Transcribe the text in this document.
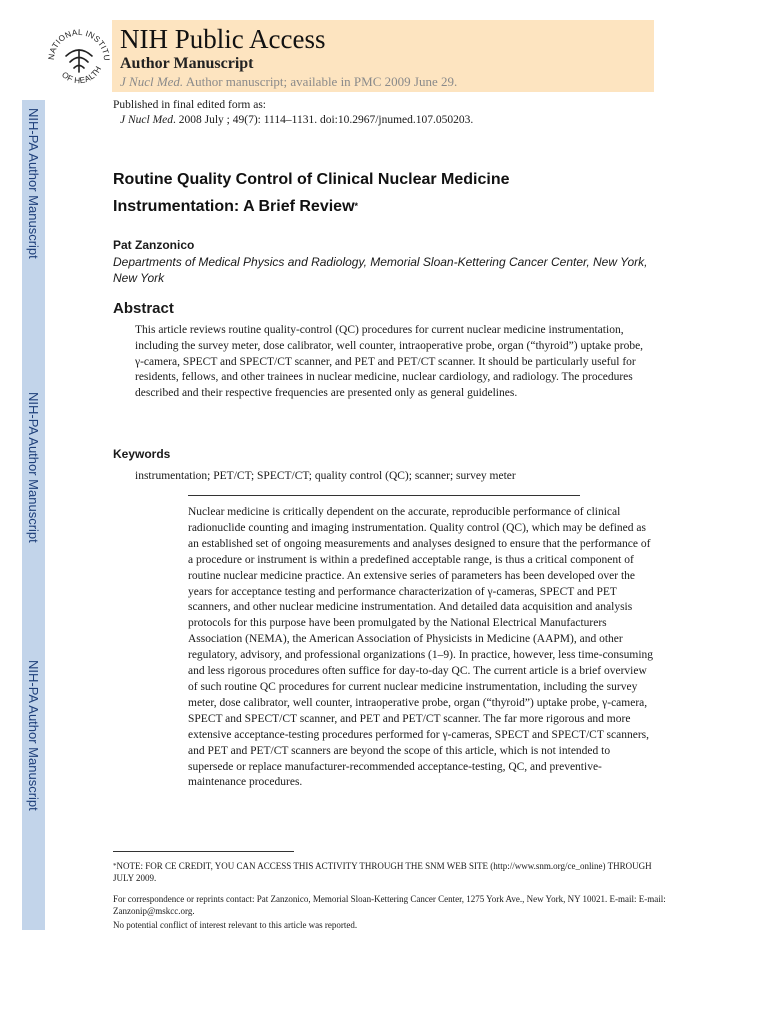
NIH-PA Author Manuscript
NIH-PA Author Manuscript
NIH-PA Author Manuscript
NATIONAL INSTITU
OF HEALTH
NIH Public Access
Author Manuscript
J Nucl Med. Author manuscript; available in PMC 2009 June 29.
Published in final edited form as:
J Nucl Med. 2008 July ; 49(7): 1114–1131. doi:10.2967/jnumed.107.050203.
Routine Quality Control of Clinical Nuclear Medicine
Instrumentation: A Brief Review*
Pat Zanzonico
Departments of Medical Physics and Radiology, Memorial Sloan-Kettering Cancer Center, New York, New York
Abstract
This article reviews routine quality-control (QC) procedures for current nuclear medicine instrumentation, including the survey meter, dose calibrator, well counter, intraoperative probe, organ (“thyroid”) uptake probe, γ-camera, SPECT and SPECT/CT scanner, and PET and PET/CT scanner. It should be particularly useful for residents, fellows, and other trainees in nuclear medicine, nuclear cardiology, and radiology. The procedures described and their respective frequencies are presented only as general guidelines.
Keywords
instrumentation; PET/CT; SPECT/CT; quality control (QC); scanner; survey meter
Nuclear medicine is critically dependent on the accurate, reproducible performance of clinical radionuclide counting and imaging instrumentation. Quality control (QC), which may be defined as an established set of ongoing measurements and analyses designed to ensure that the performance of a procedure or instrument is within a predefined acceptable range, is thus a critical component of routine nuclear medicine practice. An extensive series of parameters has been developed over the years for acceptance testing and performance characterization of γ-cameras, SPECT and PET scanners, and other nuclear medicine instrumentation. And detailed data acquisition and analysis protocols for this purpose have been promulgated by the National Electrical Manufacturers Association (NEMA), the American Association of Physicists in Medicine (AAPM), and other regulatory, advisory, and professional organizations (1–9). In practice, however, less time-consuming and less rigorous procedures often suffice for day-to-day QC. The current article is a brief overview of such routine QC procedures for current nuclear medicine instrumentation, including the survey meter, dose calibrator, well counter, intraoperative probe, organ (“thyroid”) uptake probe, γ-camera, SPECT and SPECT/CT scanner, and PET and PET/CT scanner. The far more rigorous and more extensive acceptance-testing procedures performed for γ-cameras, SPECT and SPECT/CT scanners, and PET and PET/CT scanners are beyond the scope of this article, which is not intended to supersede or replace manufacturer-recommended acceptance-testing, QC, and preventive-maintenance procedures.
*NOTE: FOR CE CREDIT, YOU CAN ACCESS THIS ACTIVITY THROUGH THE SNM WEB SITE (http://www.snm.org/ce_online) THROUGH JULY 2009.
For correspondence or reprints contact: Pat Zanzonico, Memorial Sloan-Kettering Cancer Center, 1275 York Ave., New York, NY 10021. E-mail: E-mail: Zanzonip@mskcc.org.
No potential conflict of interest relevant to this article was reported.
